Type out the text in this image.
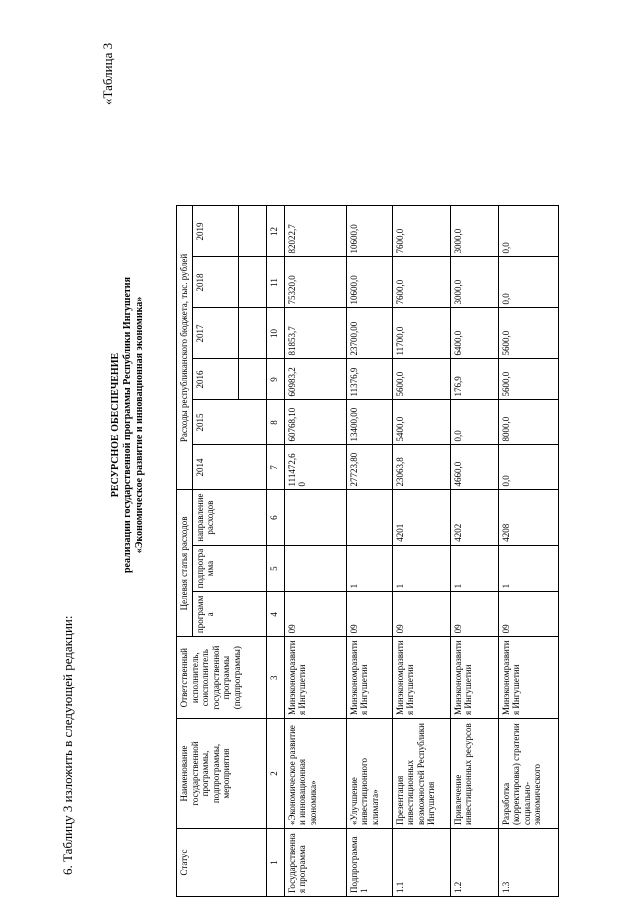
6. Таблицу 3 изложить в следующей редакции:
«Таблица 3
РЕСУРСНОЕ ОБЕСПЕЧЕНИЕ реализации государственной программы Республики Ингушетия «Экономическое развитие и инновационная экономика»
Статус	Наименование государственной программы, подпрограммы, мероприятия	Ответственный исполнитель, соисполнитель государственной программы (подпрограммы)	Целевая статья расходов			Расходы республиканского бюджета, тыс. рублей					
			программ а	подпрогра мма	направление расходов	2014	2015	2016	2017	2018	2019

1	2	3	4	5	6	7	8	9	10	11	12
Государственна я программа	«Экономическое развитие и инновационная экономика»	Минэкономразвити я Ингушетии	09			111472,6 0	60768,10	60983,2	81853,7	75320,0	82022,7
Подпрограмма 1	«Улучшение инвестиционного климата»	Минэкономразвити я Ингушетии	09	1		27723,80	13400,00	11376,9	23700,00	10600,0	10600,0
1.1	Презентация инвестиционных возможностей Республики Ингушетия	Минэкономразвити я Ингушетии	09	1	4201	23063,8	5400,0	5600,0	11700,0	7600,0	7600,0
1.2	Привлечение инвестиционных ресурсов	Минэкономразвити я Ингушетии	09	1	4202	4660,0	0,0	176,9	6400,0	3000,0	3000,0
1.3	Разработка (корректировка) стратегии социально-экономического	Минэкономразвити я Ингушетии	09	1	4208	0,0	8000,0	5600,0	5600,0	0,0	0,0
